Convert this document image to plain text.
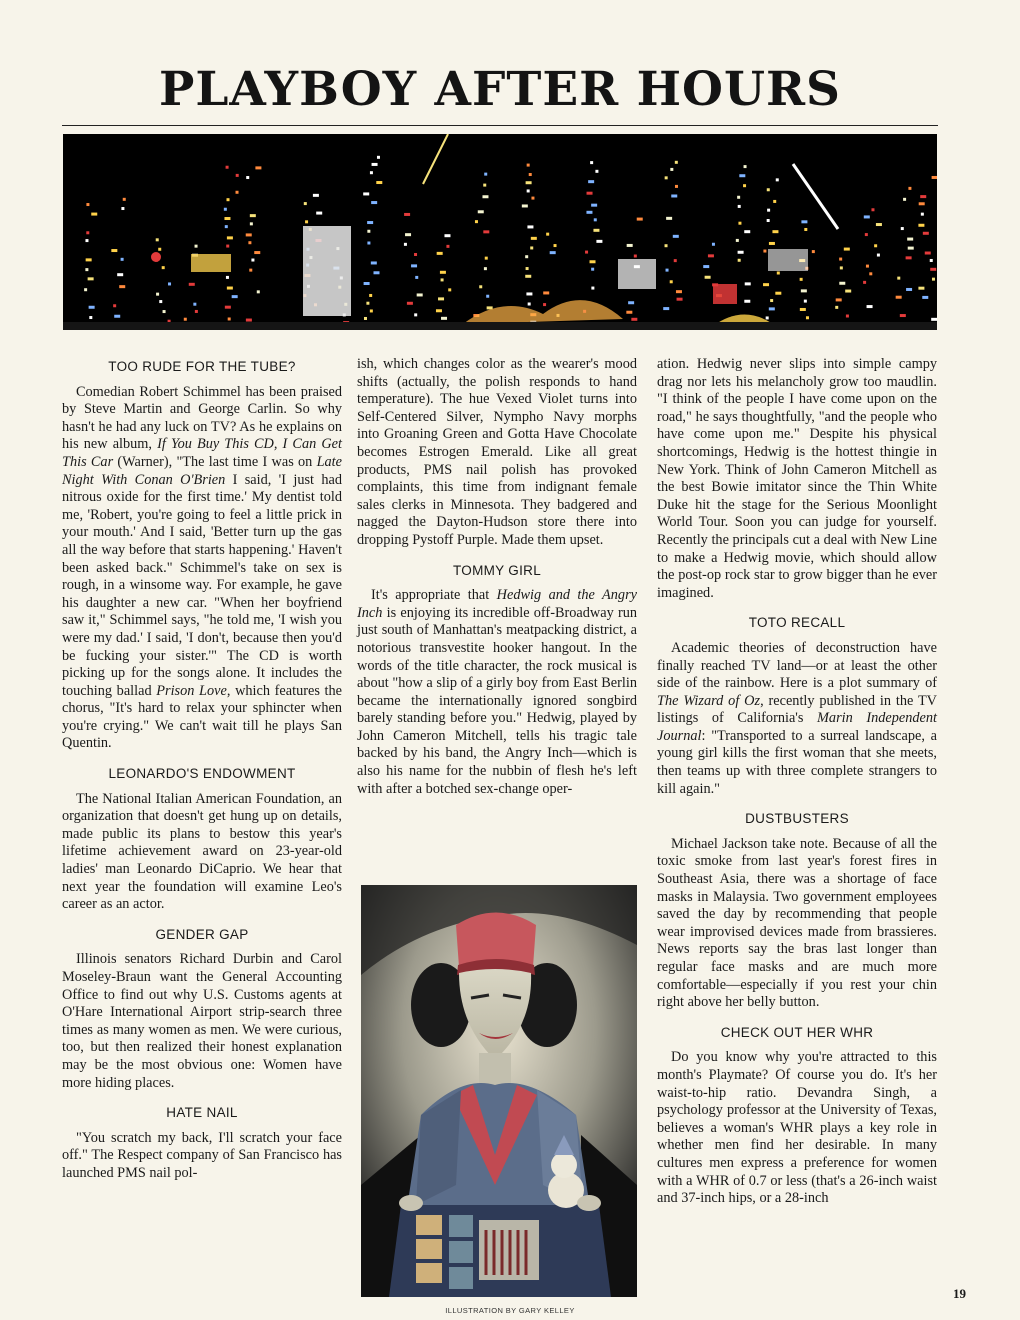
PLAYBOY AFTER HOURS
TOO RUDE FOR THE TUBE?

Comedian Robert Schimmel has been praised by Steve Martin and George Carlin. So why hasn't he had any luck on TV? As he explains on his new album, If You Buy This CD, I Can Get This Car (Warner), "The last time I was on Late Night With Conan O'Brien I said, 'I just had nitrous oxide for the first time.' My dentist told me, 'Robert, you're going to feel a little prick in your mouth.' And I said, 'Better turn up the gas all the way before that starts happening.' Haven't been asked back." Schimmel's take on sex is rough, in a winsome way. For example, he gave his daughter a new car. "When her boyfriend saw it," Schimmel says, "he told me, 'I wish you were my dad.' I said, 'I don't, because then you'd be fucking your sister.'" The CD is worth picking up for the songs alone. It includes the touching ballad Prison Love, which features the chorus, "It's hard to relax your sphincter when you're crying." We can't wait till he plays San Quentin.

LEONARDO'S ENDOWMENT

The National Italian American Foundation, an organization that doesn't get hung up on details, made public its plans to bestow this year's lifetime achievement award on 23-year-old ladies' man Leonardo DiCaprio. We hear that next year the foundation will examine Leo's career as an actor.

GENDER GAP

Illinois senators Richard Durbin and Carol Moseley-Braun want the General Accounting Office to find out why U.S. Customs agents at O'Hare International Airport strip-search three times as many women as men. We were curious, too, but then realized their honest explanation may be the most obvious one: Women have more hiding places.

HATE NAIL

"You scratch my back, I'll scratch your face off." The Respect company of San Francisco has launched PMS nail pol-

ish, which changes color as the wearer's mood shifts (actually, the polish responds to hand temperature). The hue Vexed Violet turns into Self-Centered Silver, Nympho Navy morphs into Groaning Green and Gotta Have Chocolate becomes Estrogen Emerald. Like all great products, PMS nail polish has provoked complaints, this time from indignant female sales clerks in Minnesota. They badgered and nagged the Dayton-Hudson store there into dropping Pystoff Purple. Made them upset.

TOMMY GIRL

It's appropriate that Hedwig and the Angry Inch is enjoying its incredible off-Broadway run just south of Manhattan's meatpacking district, a notorious transvestite hooker hangout. In the words of the title character, the rock musical is about "how a slip of a girly boy from East Berlin became the internationally ignored songbird barely standing before you." Hedwig, played by John Cameron Mitchell, tells his tragic tale backed by his band, the Angry Inch—which is also his name for the nubbin of flesh he's left with after a botched sex-change oper-

ation. Hedwig never slips into simple campy drag nor lets his melancholy grow too maudlin. "I think of the people I have come upon on the road," he says thoughtfully, "and the people who have come upon me." Despite his physical shortcomings, Hedwig is the hottest thingie in New York. Think of John Cameron Mitchell as the best Bowie imitator since the Thin White Duke hit the stage for the Serious Moonlight World Tour. Soon you can judge for yourself. Recently the principals cut a deal with New Line to make a Hedwig movie, which should allow the post-op rock star to grow bigger than he ever imagined.

TOTO RECALL

Academic theories of deconstruction have finally reached TV land—or at least the other side of the rainbow. Here is a plot summary of The Wizard of Oz, recently published in the TV listings of California's Marin Independent Journal: "Transported to a surreal landscape, a young girl kills the first woman that she meets, then teams up with three complete strangers to kill again."

DUSTBUSTERS

Michael Jackson take note. Because of all the toxic smoke from last year's forest fires in Southeast Asia, there was a shortage of face masks in Malaysia. Two government employees saved the day by recommending that people wear improvised devices made from brassieres. News reports say the bras last longer than regular face masks and are much more comfortable—especially if you rest your chin right above her belly button.

CHECK OUT HER WHR

Do you know why you're attracted to this month's Playmate? Of course you do. It's her waist-to-hip ratio. Devandra Singh, a psychology professor at the University of Texas, believes a woman's WHR plays a key role in whether men find her desirable. In many cultures men express a preference for women with a WHR of 0.7 or less (that's a 26-inch waist and 37-inch hips, or a 28-inch

19
ILLUSTRATION BY GARY KELLEY
